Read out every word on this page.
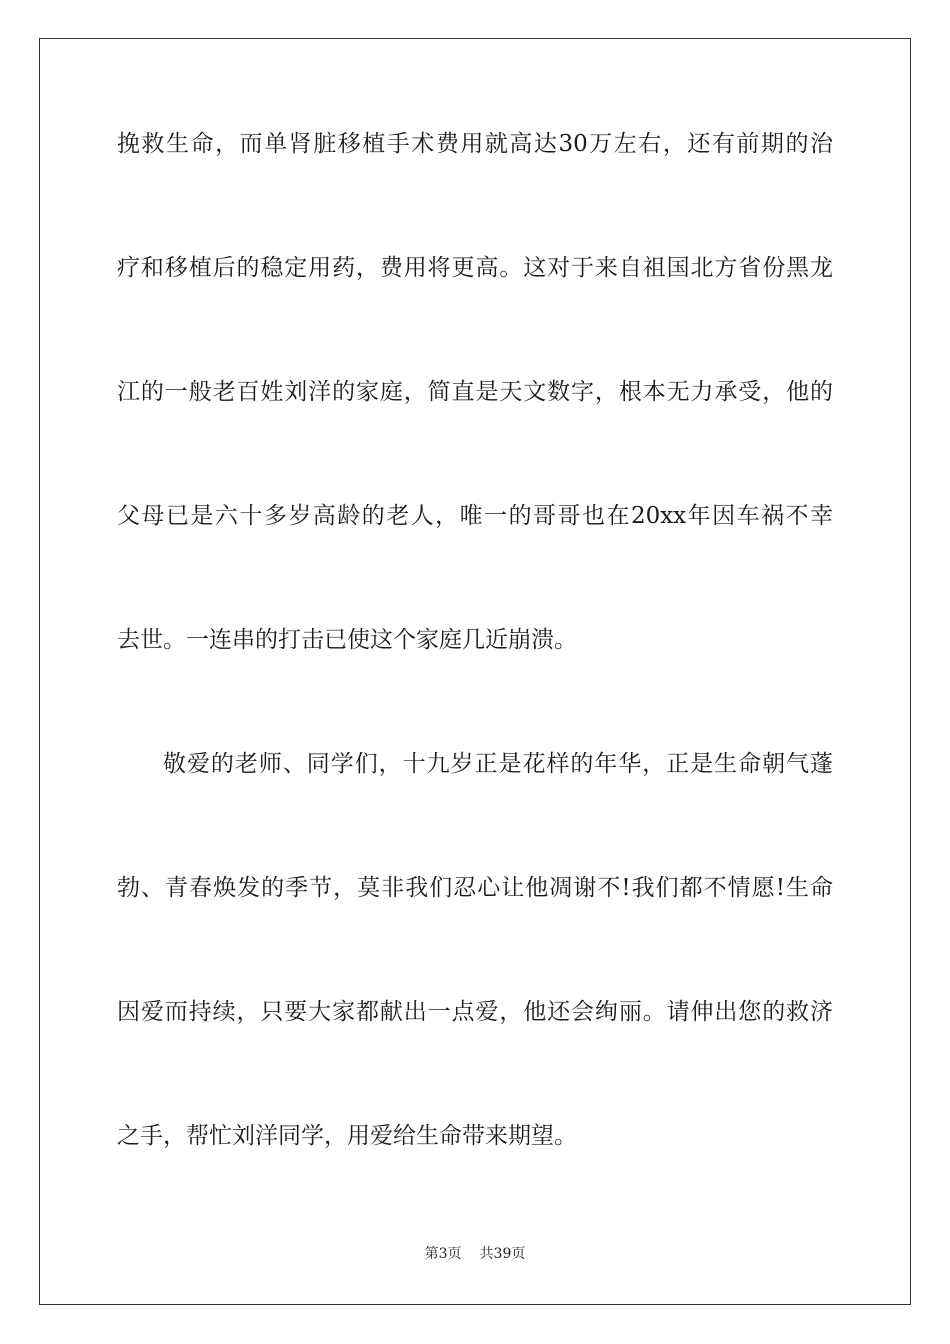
挽救生命，而单肾脏移植手术费用就高达30万左右，还有前期的治
疗和移植后的稳定用药，费用将更高。这对于来自祖国北方省份黑龙
江的一般老百姓刘洋的家庭，简直是天文数字，根本无力承受，他的
父母已是六十多岁高龄的老人，唯一的哥哥也在20xx年因车祸不幸
去世。一连串的打击已使这个家庭几近崩溃。
敬爱的老师、同学们，十九岁正是花样的年华，正是生命朝气蓬
勃、青春焕发的季节，莫非我们忍心让他凋谢不!我们都不情愿!生命
因爱而持续，只要大家都献出一点爱，他还会绚丽。请伸出您的救济
之手，帮忙刘洋同学，用爱给生命带来期望。
第3页 共39页
